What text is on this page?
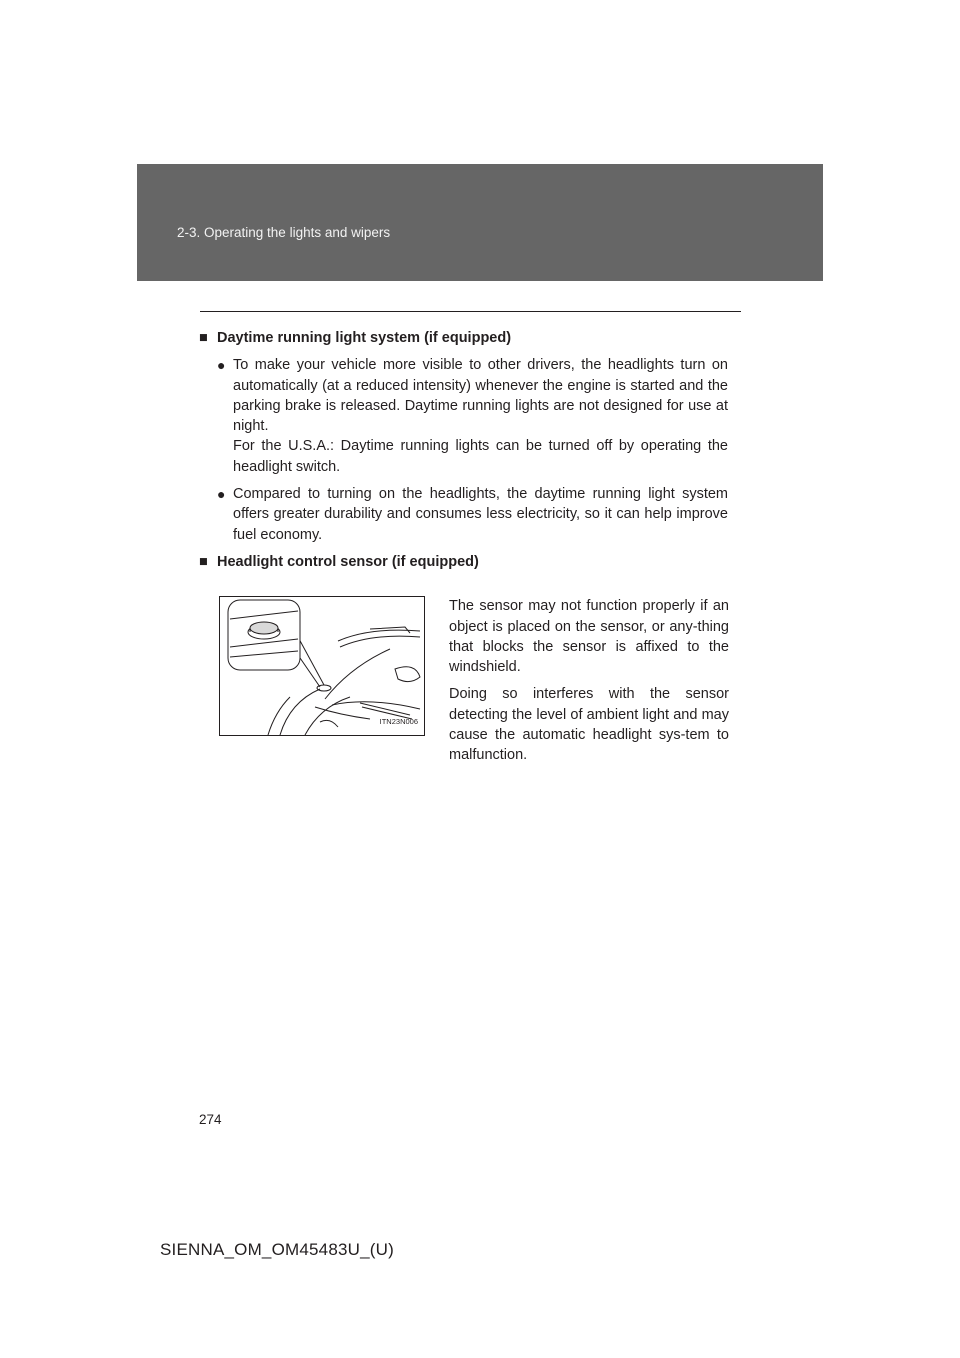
2-3. Operating the lights and wipers
■ Daytime running light system (if equipped)
● To make your vehicle more visible to other drivers, the headlights turn on automatically (at a reduced intensity) whenever the engine is started and the parking brake is released. Daytime running lights are not designed for use at night.

For the U.S.A.: Daytime running lights can be turned off by operating the headlight switch.

● Compared to turning on the headlights, the daytime running light system offers greater durability and consumes less electricity, so it can help improve fuel economy.

■ Headlight control sensor (if equipped)
ITN23N006

The sensor may not function properly if an object is placed on the sensor, or any-thing that blocks the sensor is affixed to the windshield.

Doing so interferes with the sensor detecting the level of ambient light and may cause the automatic headlight sys-tem to malfunction.

274
SIENNA_OM_OM45483U_(U)
